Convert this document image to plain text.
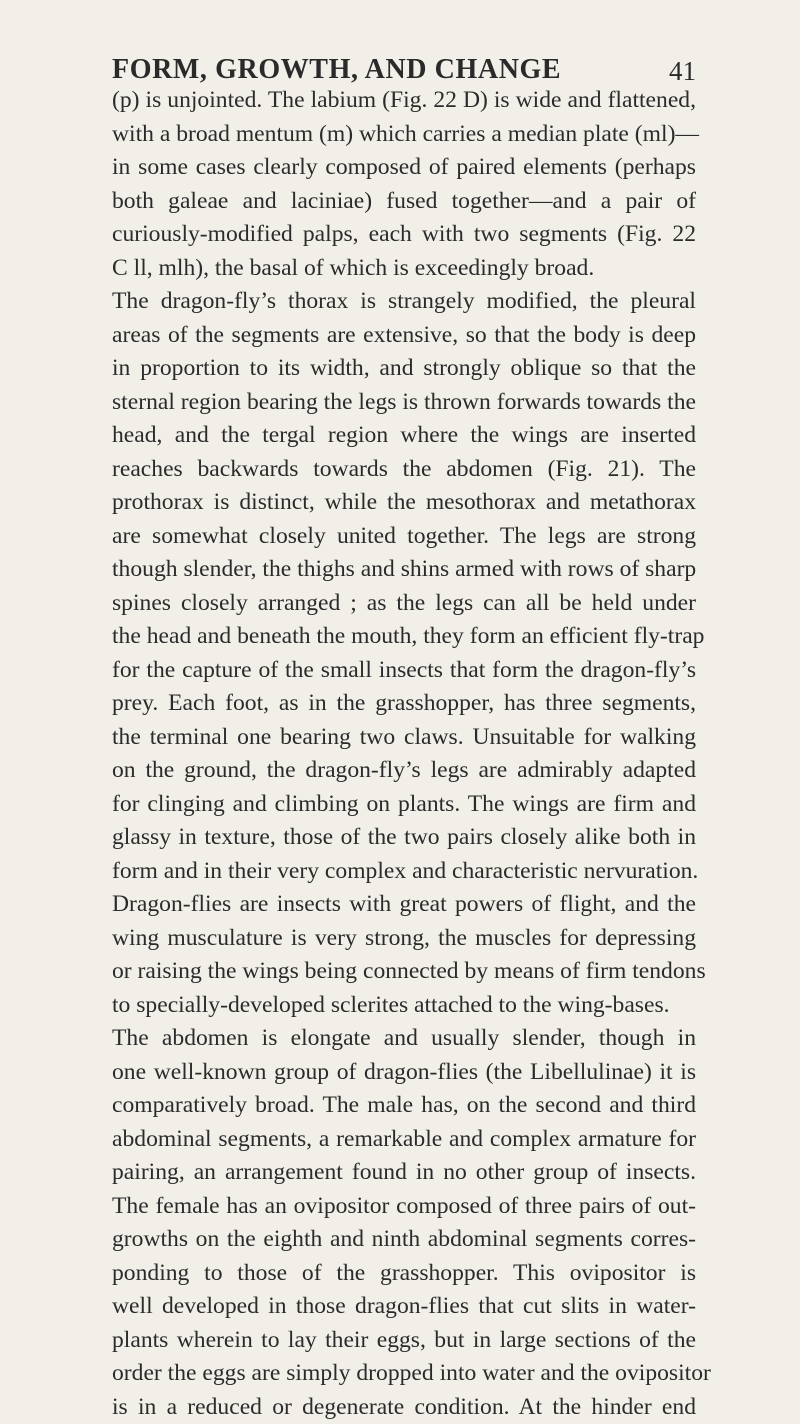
FORM, GROWTH, AND CHANGE	41
(p) is unjointed. The labium (Fig. 22 D) is wide and flattened,
with a broad mentum (m) which carries a median plate (ml)—
in some cases clearly composed of paired elements (perhaps
both galeae and laciniae) fused together—and a pair of
curiously-modified palps, each with two segments (Fig. 22
C ll, mlh), the basal of which is exceedingly broad.
The dragon-fly’s thorax is strangely modified, the pleural
areas of the segments are extensive, so that the body is deep
in proportion to its width, and strongly oblique so that the
sternal region bearing the legs is thrown forwards towards the
head, and the tergal region where the wings are inserted
reaches backwards towards the abdomen (Fig. 21). The
prothorax is distinct, while the mesothorax and metathorax
are somewhat closely united together. The legs are strong
though slender, the thighs and shins armed with rows of sharp
spines closely arranged ; as the legs can all be held under
the head and beneath the mouth, they form an efficient fly-trap
for the capture of the small insects that form the dragon-fly’s
prey. Each foot, as in the grasshopper, has three segments,
the terminal one bearing two claws. Unsuitable for walking
on the ground, the dragon-fly’s legs are admirably adapted
for clinging and climbing on plants. The wings are firm and
glassy in texture, those of the two pairs closely alike both in
form and in their very complex and characteristic nervuration.
Dragon-flies are insects with great powers of flight, and the
wing musculature is very strong, the muscles for depressing
or raising the wings being connected by means of firm tendons
to specially-developed sclerites attached to the wing-bases.
The abdomen is elongate and usually slender, though in
one well-known group of dragon-flies (the Libellulinae) it is
comparatively broad. The male has, on the second and third
abdominal segments, a remarkable and complex armature for
pairing, an arrangement found in no other group of insects.
The female has an ovipositor composed of three pairs of out-
growths on the eighth and ninth abdominal segments corres-
ponding to those of the grasshopper. This ovipositor is
well developed in those dragon-flies that cut slits in water-
plants wherein to lay their eggs, but in large sections of the
order the eggs are simply dropped into water and the ovipositor
is in a reduced or degenerate condition. At the hinder end
